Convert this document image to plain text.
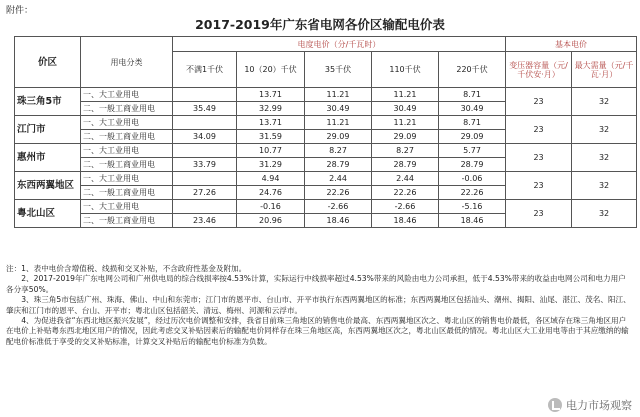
附件：
2017-2019年广东省电网各价区输配电价表
价区	用电分类	电度电价（分/千瓦时）					基本电价	
		不满1千伏	10（20）千伏	35千伏	110千伏	220千伏	变压器容量（元/千伏安·月）	最大需量（元/千瓦·月）

珠三角5市	一、大工业用电		13.71	11.21	11.21	8.71	23	32
	二、一般工商业用电	35.49	32.99	30.49	30.49	30.49		
江门市	一、大工业用电		13.71	11.21	11.21	8.71	23	32
	二、一般工商业用电	34.09	31.59	29.09	29.09	29.09		
惠州市	一、大工业用电		10.77	8.27	8.27	5.77	23	32
	二、一般工商业用电	33.79	31.29	28.79	28.79	28.79		
东西两翼地区	一、大工业用电		4.94	2.44	2.44	-0.06	23	32
	二、一般工商业用电	27.26	24.76	22.26	22.26	22.26		
粤北山区	一、大工业用电		-0.16	-2.66	-2.66	-5.16	23	32
	二、一般工商业用电	23.46	20.96	18.46	18.46	18.46		

注：1、表中电价含增值税、线损和交叉补贴，不含政府性基金及附加。

2、2017-2019年广东电网公司和广州供电局的综合线损率按4.53%计算，实际运行中线损率超过4.53%带来的风险由电力公司承担，低于4.53%带来的收益由电网公司和电力用户各分享50%。

3、珠三角5市包括广州、珠海、佛山、中山和东莞市；江门市的恩平市、台山市、开平市执行东西两翼地区的标准；东西两翼地区包括汕头、潮州、揭阳、汕尾、湛江、茂名、阳江、肇庆和江门市的恩平、台山、开平市；粤北山区包括韶关、清远、梅州、河源和云浮市。

4、为促进我省“东西北地区振兴发展”，经过历次电价调整和安排，我省目前珠三角地区的销售电价最高、东西两翼地区次之、粤北山区的销售电价最低，各区域存在珠三角地区用户在电价上补贴粤东西北地区用户的情况，因此考虑交叉补贴因素后的输配电价同样存在珠三角地区高，东西两翼地区次之，粤北山区最低的情况。粤北山区大工业用电等由于其应缴纳的输配电价标准低于享受的交叉补贴标准，计算交叉补贴后的输配电价标准为负数。

电力市场观察
